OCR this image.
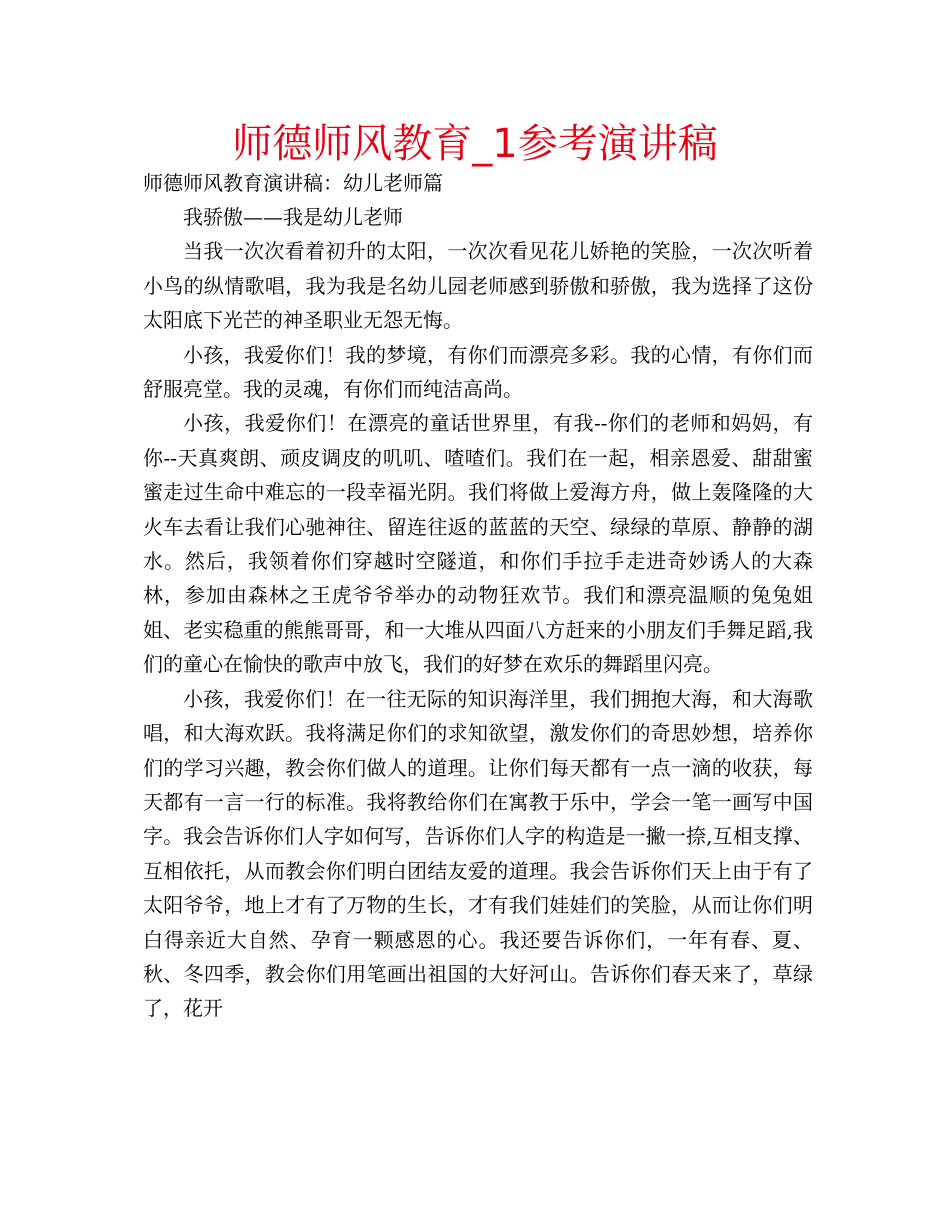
师德师风教育_1参考演讲稿
师德师风教育演讲稿：幼儿老师篇

我骄傲——我是幼儿老师

当我一次次看着初升的太阳，一次次看见花儿娇艳的笑脸，一次次听着小鸟的纵情歌唱，我为我是名幼儿园老师感到骄傲和骄傲，我为选择了这份太阳底下光芒的神圣职业无怨无悔。

小孩，我爱你们！我的梦境，有你们而漂亮多彩。我的心情，有你们而舒服亮堂。我的灵魂，有你们而纯洁高尚。

小孩，我爱你们！在漂亮的童话世界里，有我--你们的老师和妈妈，有你--天真爽朗、顽皮调皮的叽叽、喳喳们。我们在一起，相亲恩爱、甜甜蜜蜜走过生命中难忘的一段幸福光阴。我们将做上爱海方舟，做上轰隆隆的大火车去看让我们心驰神往、留连往返的蓝蓝的天空、绿绿的草原、静静的湖水。然后，我领着你们穿越时空隧道，和你们手拉手走进奇妙诱人的大森林，参加由森林之王虎爷爷举办的动物狂欢节。我们和漂亮温顺的兔兔姐姐、老实稳重的熊熊哥哥，和一大堆从四面八方赶来的小朋友们手舞足蹈,我们的童心在愉快的歌声中放飞，我们的好梦在欢乐的舞蹈里闪亮。

小孩，我爱你们！在一往无际的知识海洋里，我们拥抱大海，和大海歌唱，和大海欢跃。我将满足你们的求知欲望，激发你们的奇思妙想，培养你们的学习兴趣，教会你们做人的道理。让你们每天都有一点一滴的收获，每天都有一言一行的标准。我将教给你们在寓教于乐中，学会一笔一画写中国字。我会告诉你们人字如何写，告诉你们人字的构造是一撇一捺,互相支撑、互相依托，从而教会你们明白团结友爱的道理。我会告诉你们天上由于有了太阳爷爷，地上才有了万物的生长，才有我们娃娃们的笑脸，从而让你们明白得亲近大自然、孕育一颗感恩的心。我还要告诉你们，一年有春、夏、秋、冬四季，教会你们用笔画出祖国的大好河山。告诉你们春天来了，草绿了，花开
